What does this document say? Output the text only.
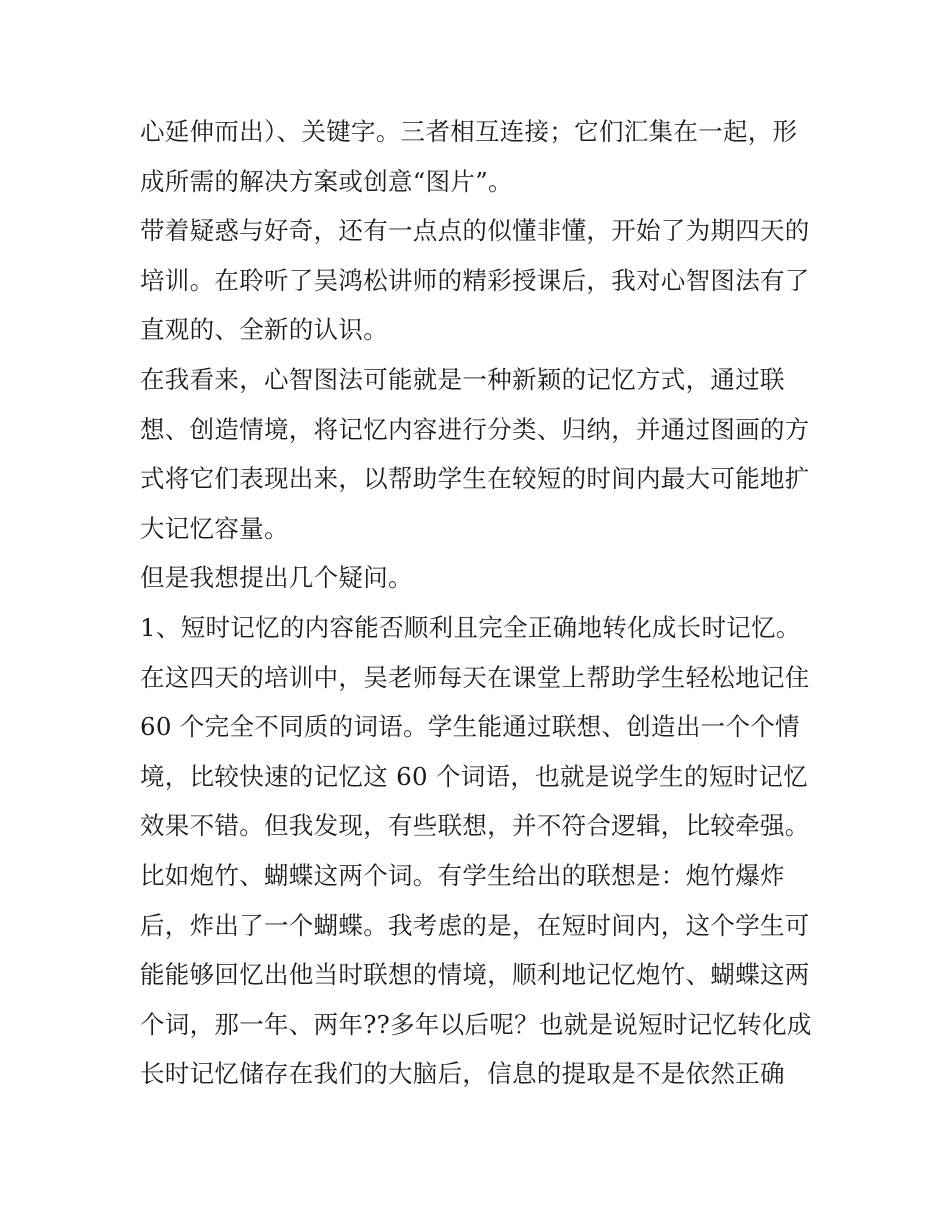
心延伸而出）、关键字。三者相互连接；它们汇集在一起，形
成所需的解决方案或创意“图片”。
带着疑惑与好奇，还有一点点的似懂非懂，开始了为期四天的
培训。在聆听了吴鸿松讲师的精彩授课后，我对心智图法有了
直观的、全新的认识。
在我看来，心智图法可能就是一种新颖的记忆方式，通过联
想、创造情境，将记忆内容进行分类、归纳，并通过图画的方
式将它们表现出来，以帮助学生在较短的时间内最大可能地扩
大记忆容量。
但是我想提出几个疑问。
1、短时记忆的内容能否顺利且完全正确地转化成长时记忆。
在这四天的培训中，吴老师每天在课堂上帮助学生轻松地记住
60 个完全不同质的词语。学生能通过联想、创造出一个个情
境，比较快速的记忆这 60 个词语，也就是说学生的短时记忆
效果不错。但我发现，有些联想，并不符合逻辑，比较牵强。
比如炮竹、蝴蝶这两个词。有学生给出的联想是：炮竹爆炸
后，炸出了一个蝴蝶。我考虑的是，在短时间内，这个学生可
能能够回忆出他当时联想的情境，顺利地记忆炮竹、蝴蝶这两
个词，那一年、两年??多年以后呢？也就是说短时记忆转化成
长时记忆储存在我们的大脑后，信息的提取是不是依然正确
